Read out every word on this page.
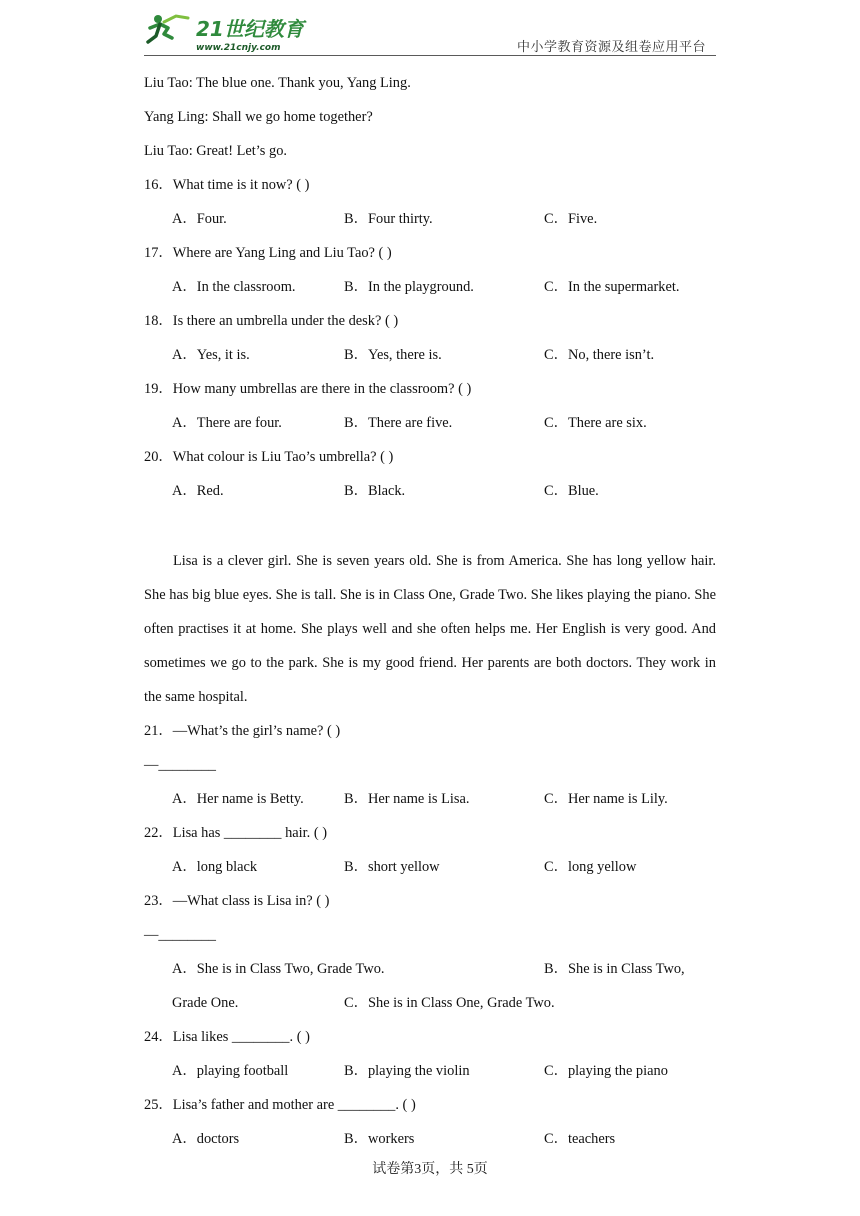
21世纪教育
www.21cnjy.com	中小学教育资源及组卷应用平台
Liu Tao: The blue one. Thank you, Yang Ling.
Yang Ling: Shall we go home together?
Liu Tao: Great! Let’s go.
16．What time is it now? ( )
A．Four.	B．Four thirty.	C．Five.
17．Where are Yang Ling and Liu Tao? ( )
A．In the classroom.	B．In the playground.	C．In the supermarket.
18．Is there an umbrella under the desk? ( )
A．Yes, it is.	B．Yes, there is.	C．No, there isn’t.
19．How many umbrellas are there in the classroom? ( )
A．There are four.	B．There are five.	C．There are six.
20．What colour is Liu Tao’s umbrella? ( )
A．Red.	B．Black.	C．Blue.

Lisa is a clever girl. She is seven years old. She is from America. She has long yellow hair. She has big blue eyes. She is tall. She is in Class One, Grade Two. She likes playing the piano. She often practises it at home. She plays well and she often helps me. Her English is very good. And sometimes we go to the park. She is my good friend. Her parents are both doctors. They work in the same hospital.

21．—What’s the girl’s name? ( )
—________
A．Her name is Betty.	B．Her name is Lisa.	C．Her name is Lily.
22．Lisa has ________ hair. ( )
A．long black	B．short yellow	C．long yellow
23．—What class is Lisa in? ( )
—________
A．She is in Class Two, Grade Two.	B．She is in Class Two,
Grade One.	C．She is in Class One, Grade Two.
24．Lisa likes ________. ( )
A．playing football	B．playing the violin	C．playing the piano
25．Lisa’s father and mother are ________. ( )
A．doctors	B．workers	C．teachers
试卷第3页，共 5页
